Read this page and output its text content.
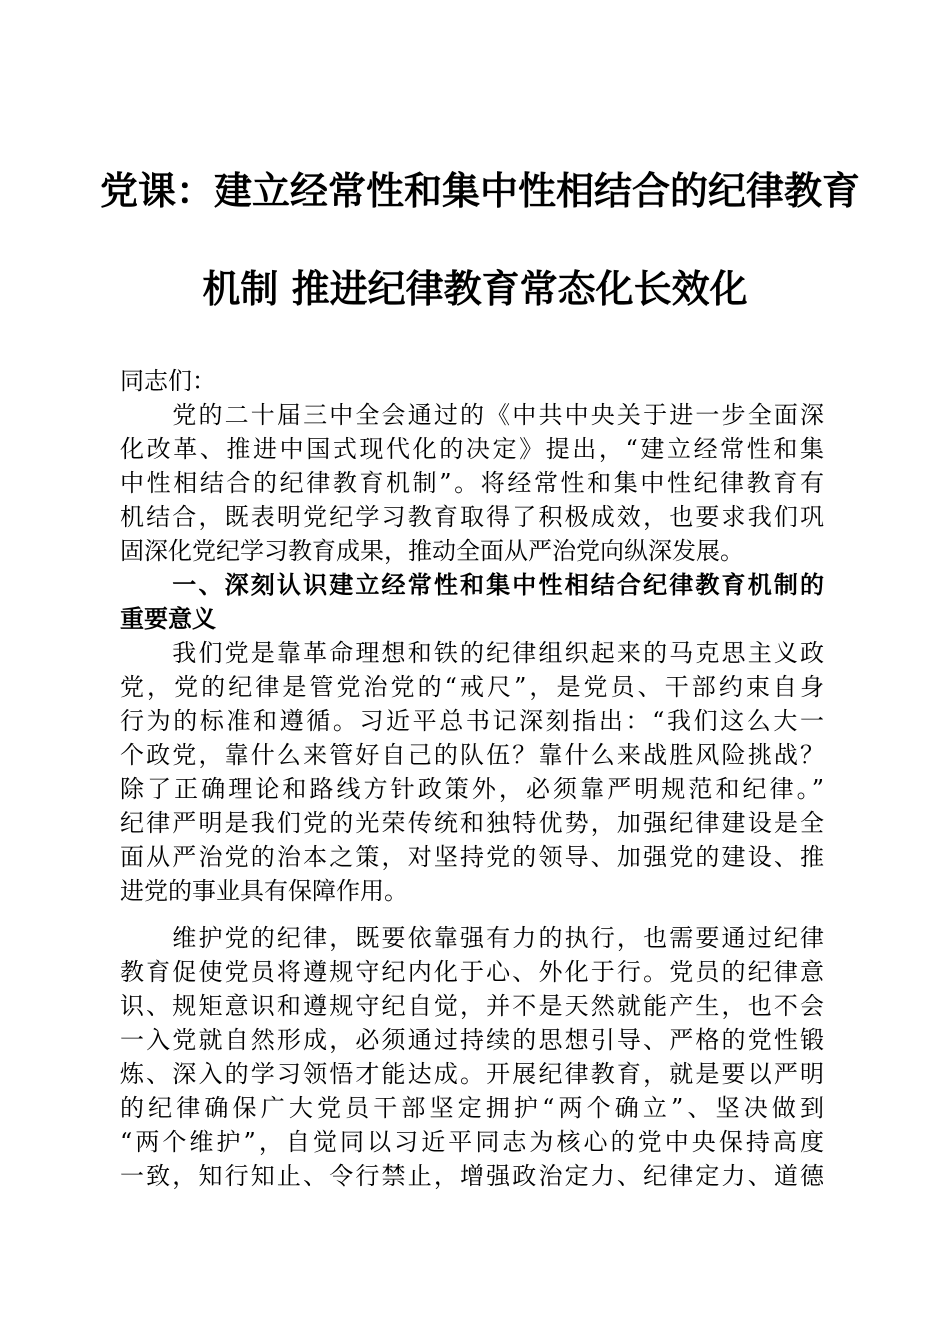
党课：建立经常性和集中性相结合的纪律教育
机制 推进纪律教育常态化长效化
同志们：
　　党的二十届三中全会通过的《中共中央关于进一步全面深
化改革、推进中国式现代化的决定》提出，“建立经常性和集
中性相结合的纪律教育机制”。将经常性和集中性纪律教育有
机结合，既表明党纪学习教育取得了积极成效，也要求我们巩
固深化党纪学习教育成果，推动全面从严治党向纵深发展。
　　一、深刻认识建立经常性和集中性相结合纪律教育机制的
重要意义
　　我们党是靠革命理想和铁的纪律组织起来的马克思主义政
党，党的纪律是管党治党的“戒尺”，是党员、干部约束自身
行为的标准和遵循。习近平总书记深刻指出：“我们这么大一
个政党，靠什么来管好自己的队伍？靠什么来战胜风险挑战？
除了正确理论和路线方针政策外，必须靠严明规范和纪律。”
纪律严明是我们党的光荣传统和独特优势，加强纪律建设是全
面从严治党的治本之策，对坚持党的领导、加强党的建设、推
进党的事业具有保障作用。
　　维护党的纪律，既要依靠强有力的执行，也需要通过纪律
教育促使党员将遵规守纪内化于心、外化于行。党员的纪律意
识、规矩意识和遵规守纪自觉，并不是天然就能产生，也不会
一入党就自然形成，必须通过持续的思想引导、严格的党性锻
炼、深入的学习领悟才能达成。开展纪律教育，就是要以严明
的纪律确保广大党员干部坚定拥护“两个确立”、坚决做到
“两个维护”，自觉同以习近平同志为核心的党中央保持高度
一致，知行知止、令行禁止，增强政治定力、纪律定力、道德
